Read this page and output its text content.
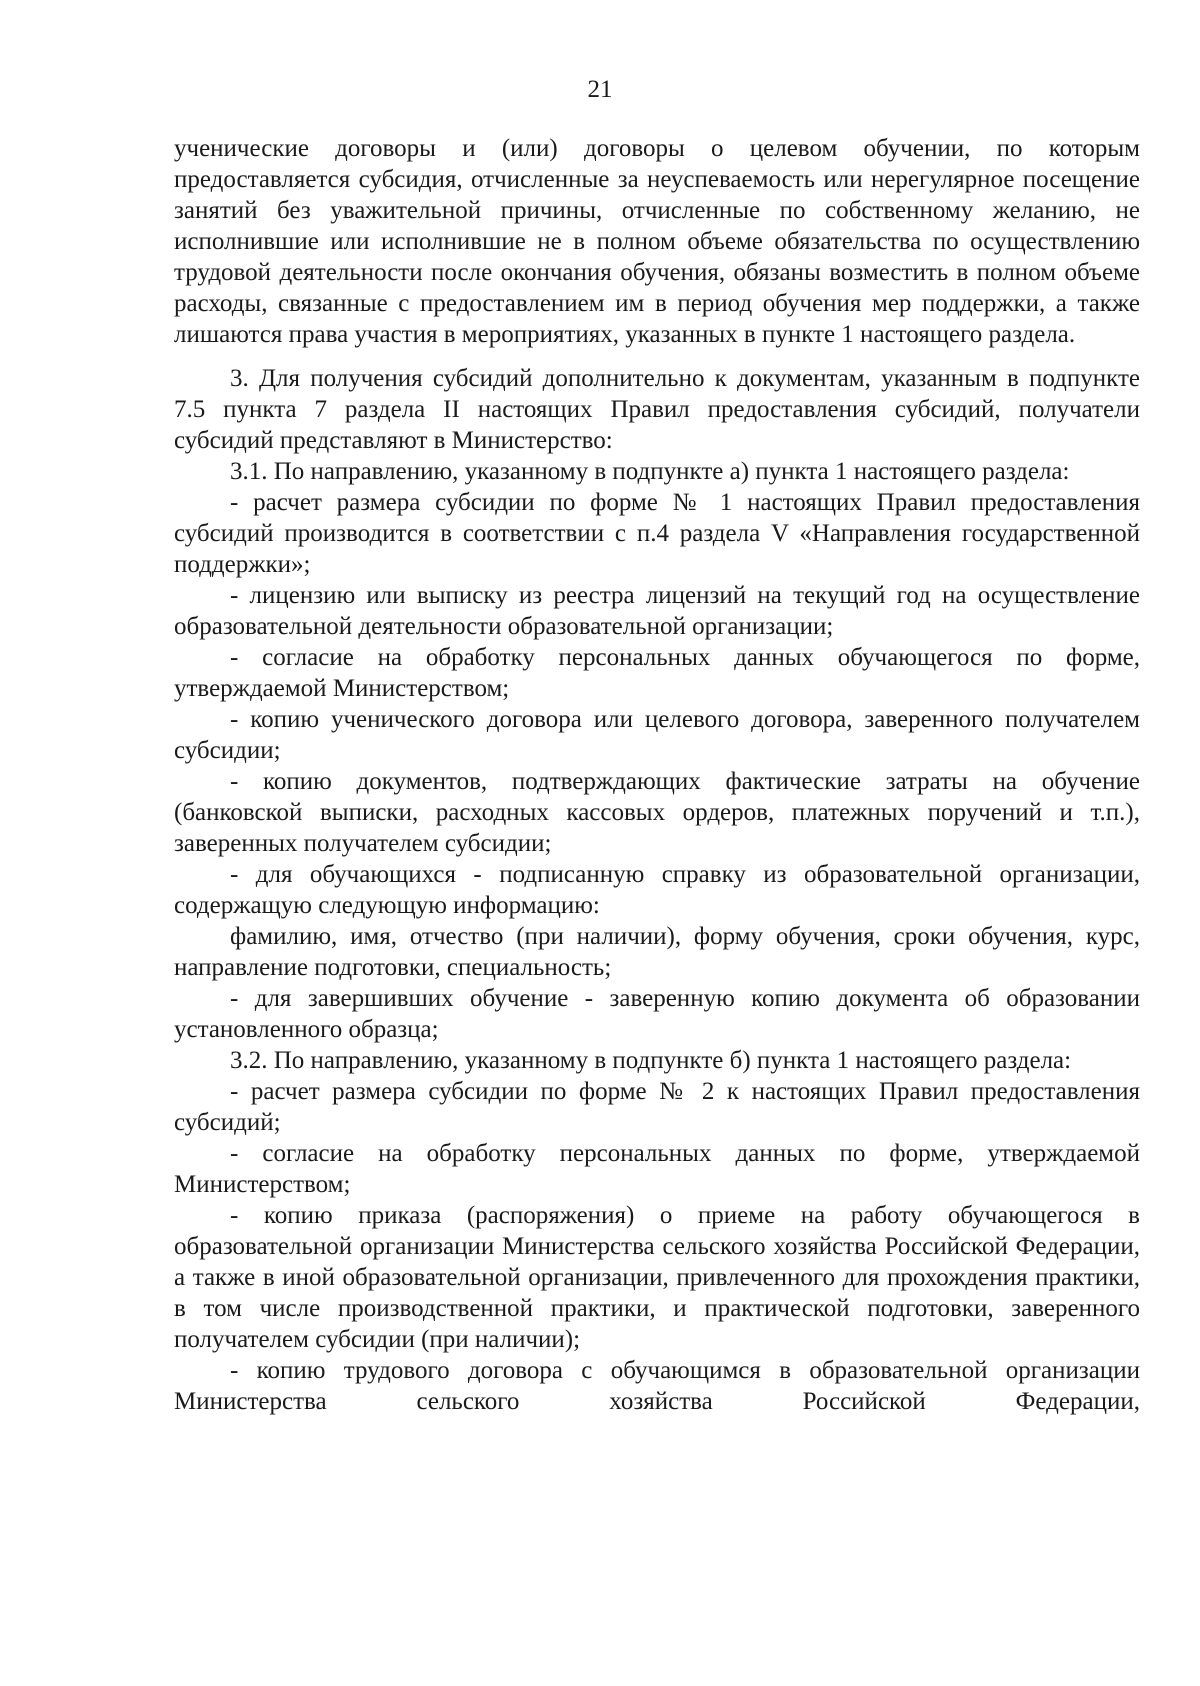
21

ученические договоры и (или) договоры о целевом обучении, по которым предоставляется субсидия, отчисленные за неуспеваемость или нерегулярное посещение занятий без уважительной причины, отчисленные по собственному желанию, не исполнившие или исполнившие не в полном объеме обязательства по осуществлению трудовой деятельности после окончания обучения, обязаны возместить в полном объеме расходы, связанные с предоставлением им в период обучения мер поддержки, а также лишаются права участия в мероприятиях, указанных в пункте 1 настоящего раздела.

3. Для получения субсидий дополнительно к документам, указанным в подпункте 7.5 пункта 7 раздела II настоящих Правил предоставления субсидий, получатели субсидий представляют в Министерство:

3.1. По направлению, указанному в подпункте а) пункта 1 настоящего раздела:

- расчет размера субсидии по форме № 1 настоящих Правил предоставления субсидий производится в соответствии с п.4 раздела V «Направления государственной поддержки»;

- лицензию или выписку из реестра лицензий на текущий год на осуществление образовательной деятельности образовательной организации;

- согласие на обработку персональных данных обучающегося по форме, утверждаемой Министерством;

- копию ученического договора или целевого договора, заверенного получателем субсидии;

- копию документов, подтверждающих фактические затраты на обучение (банковской выписки, расходных кассовых ордеров, платежных поручений и т.п.), заверенных получателем субсидии;

- для обучающихся - подписанную справку из образовательной организации, содержащую следующую информацию:

фамилию, имя, отчество (при наличии), форму обучения, сроки обучения, курс, направление подготовки, специальность;

- для завершивших обучение - заверенную копию документа об образовании установленного образца;

3.2. По направлению, указанному в подпункте б) пункта 1 настоящего раздела:

- расчет размера субсидии по форме № 2 к настоящих Правил предоставления субсидий;

- согласие на обработку персональных данных по форме, утверждаемой Министерством;

- копию приказа (распоряжения) о приеме на работу обучающегося в образовательной организации Министерства сельского хозяйства Российской Федерации, а также в иной образовательной организации, привлеченного для прохождения практики, в том числе производственной практики, и практической подготовки, заверенного получателем субсидии (при наличии);

- копию трудового договора с обучающимся в образовательной организации Министерства сельского хозяйства Российской Федерации,
